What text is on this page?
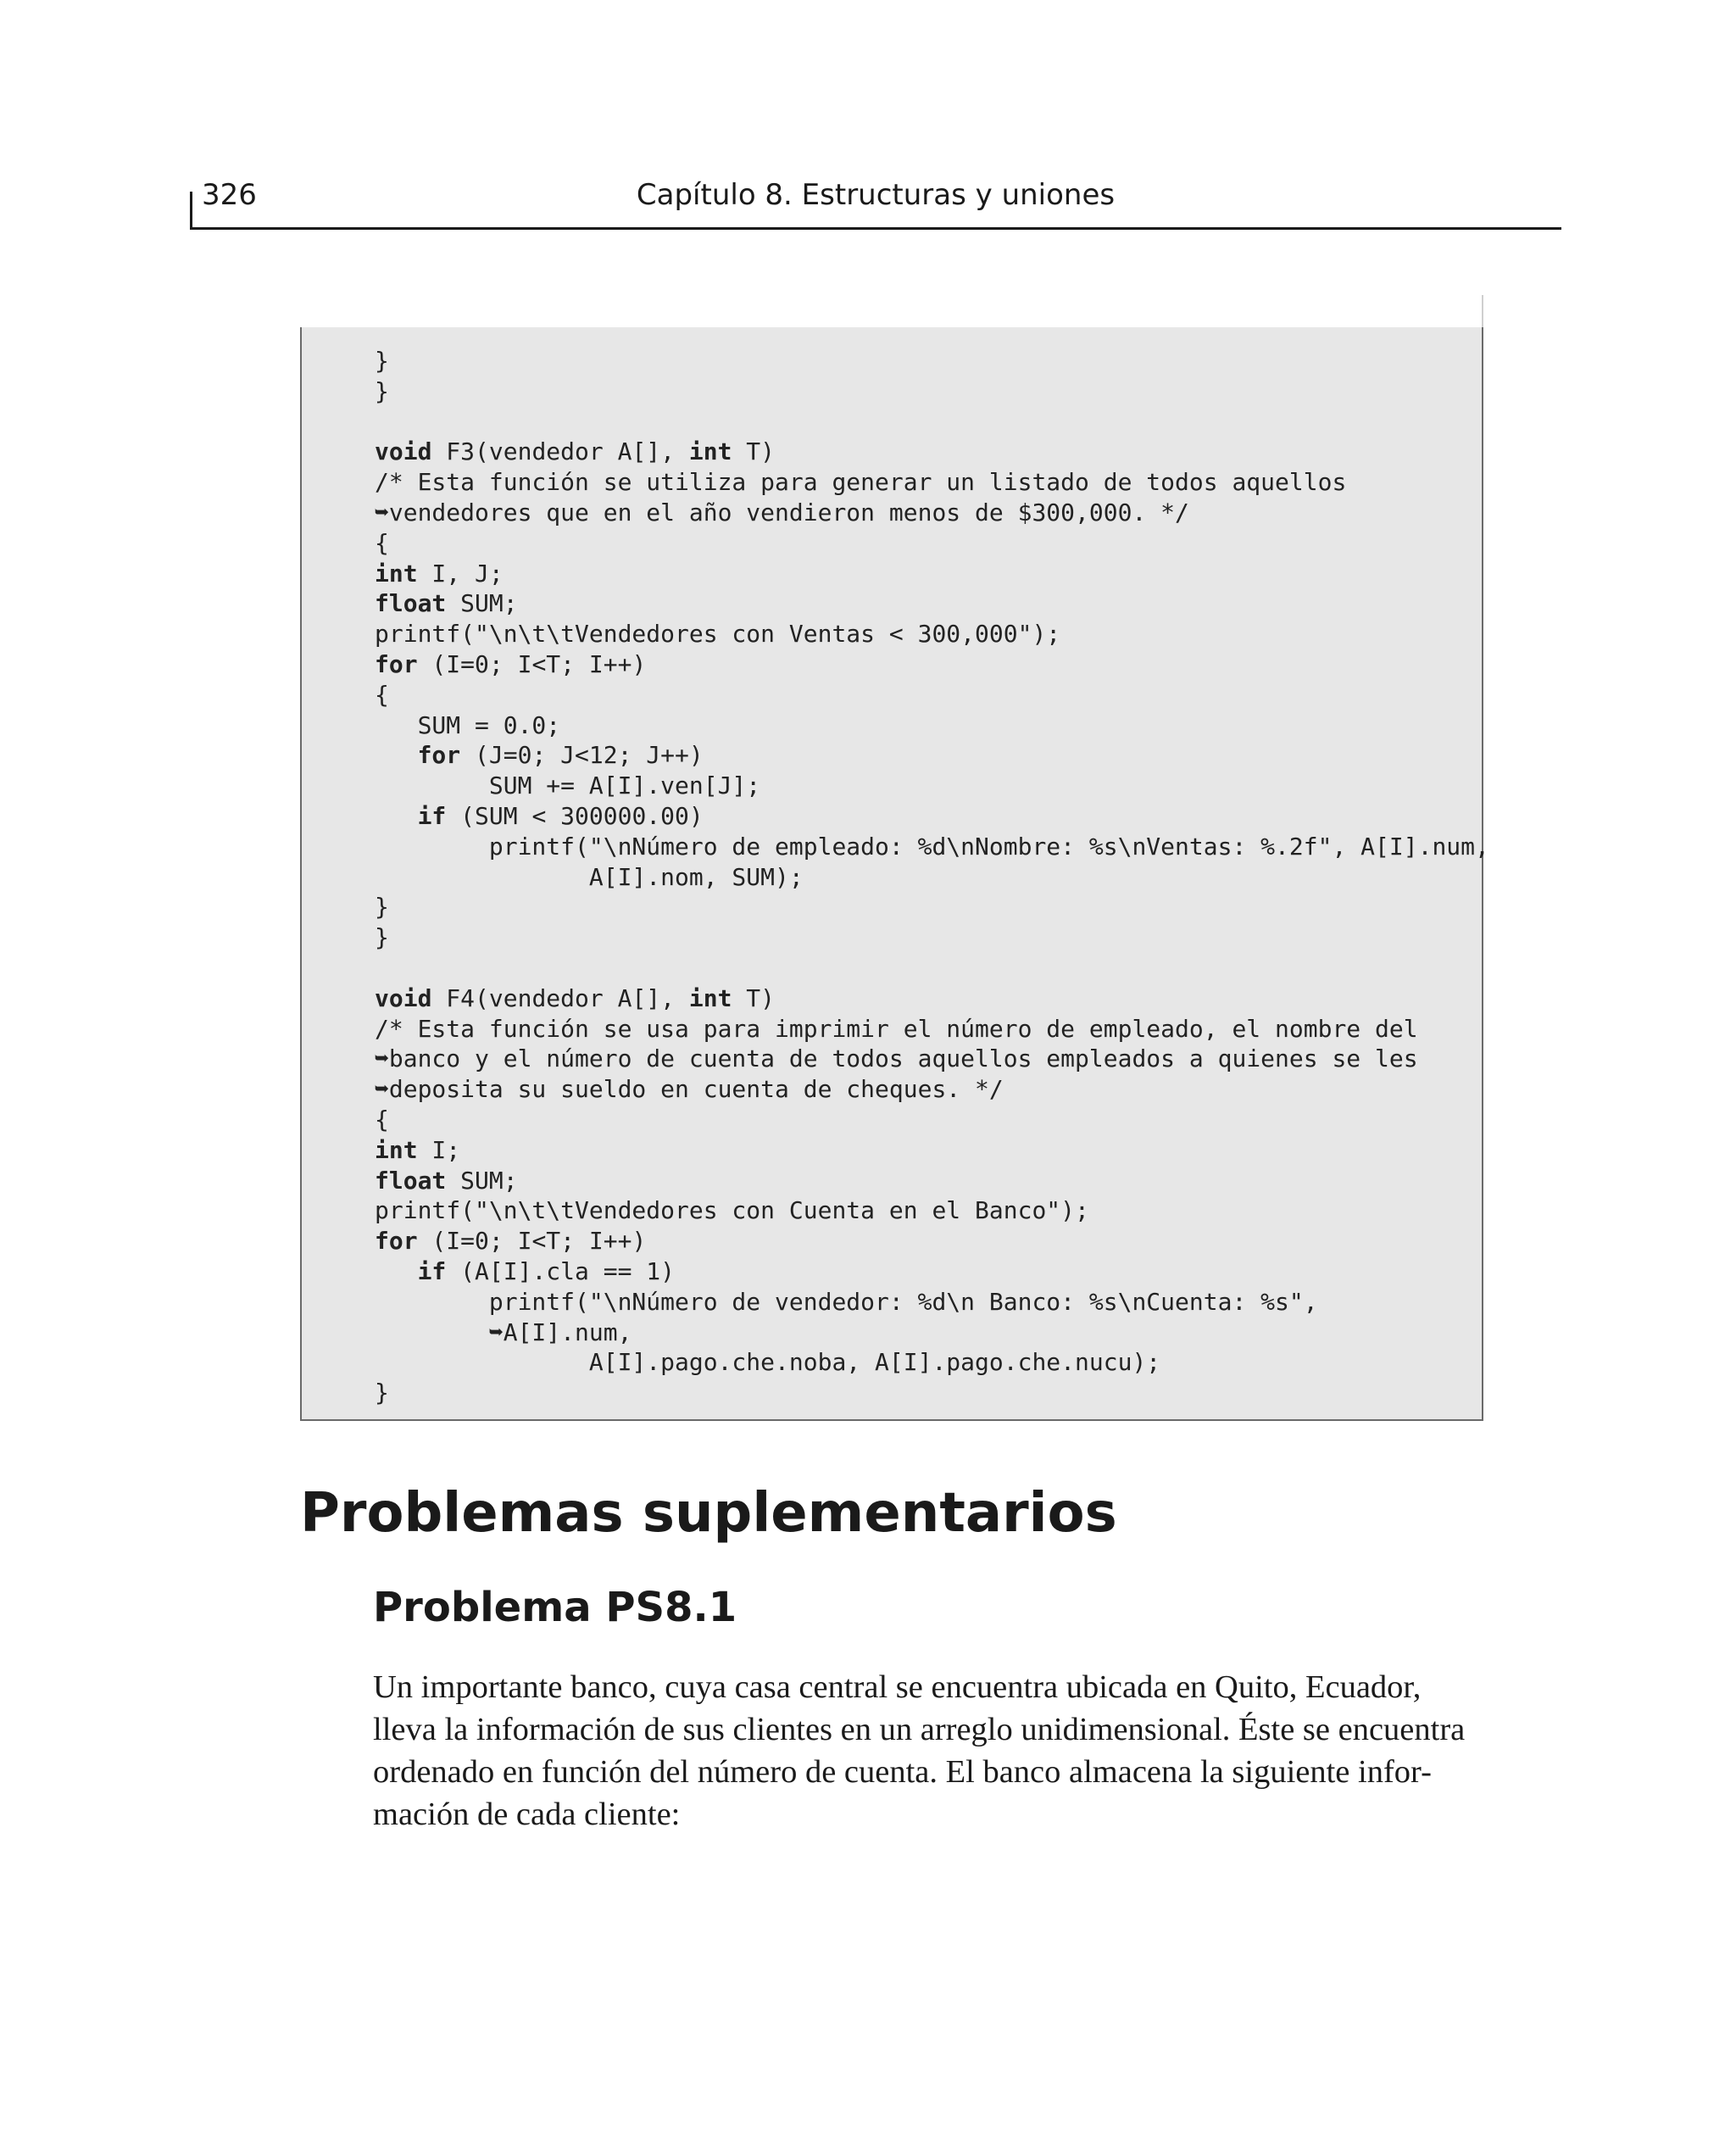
326	Capítulo 8. Estructuras y uniones
}
}
void F3(vendedor A[], int T)
/* Esta función se utiliza para generar un listado de todos aquellos
➥vendedores que en el año vendieron menos de $300,000. */
{
int I, J;
float SUM;
printf("\n\t\tVendedores con Ventas < 300,000");
for (I=0; I<T; I++)
{
SUM = 0.0;
for (J=0; J<12; J++)
SUM += A[I].ven[J];
if (SUM < 300000.00)
printf("\nNúmero de empleado: %d\nNombre: %s\nVentas: %.2f", A[I].num,
A[I].nom, SUM);
}
}
void F4(vendedor A[], int T)
/* Esta función se usa para imprimir el número de empleado, el nombre del
➥banco y el número de cuenta de todos aquellos empleados a quienes se les
➥deposita su sueldo en cuenta de cheques. */
{
int I;
float SUM;
printf("\n\t\tVendedores con Cuenta en el Banco");
for (I=0; I<T; I++)
if (A[I].cla == 1)
printf("\nNúmero de vendedor: %d\n Banco: %s\nCuenta: %s",
➥A[I].num,
A[I].pago.che.noba, A[I].pago.che.nucu);
}
Problemas suplementarios
Problema PS8.1
Un importante banco, cuya casa central se encuentra ubicada en Quito, Ecuador,
lleva la información de sus clientes en un arreglo unidimensional. Éste se encuentra
ordenado en función del número de cuenta. El banco almacena la siguiente infor-
mación de cada cliente:
